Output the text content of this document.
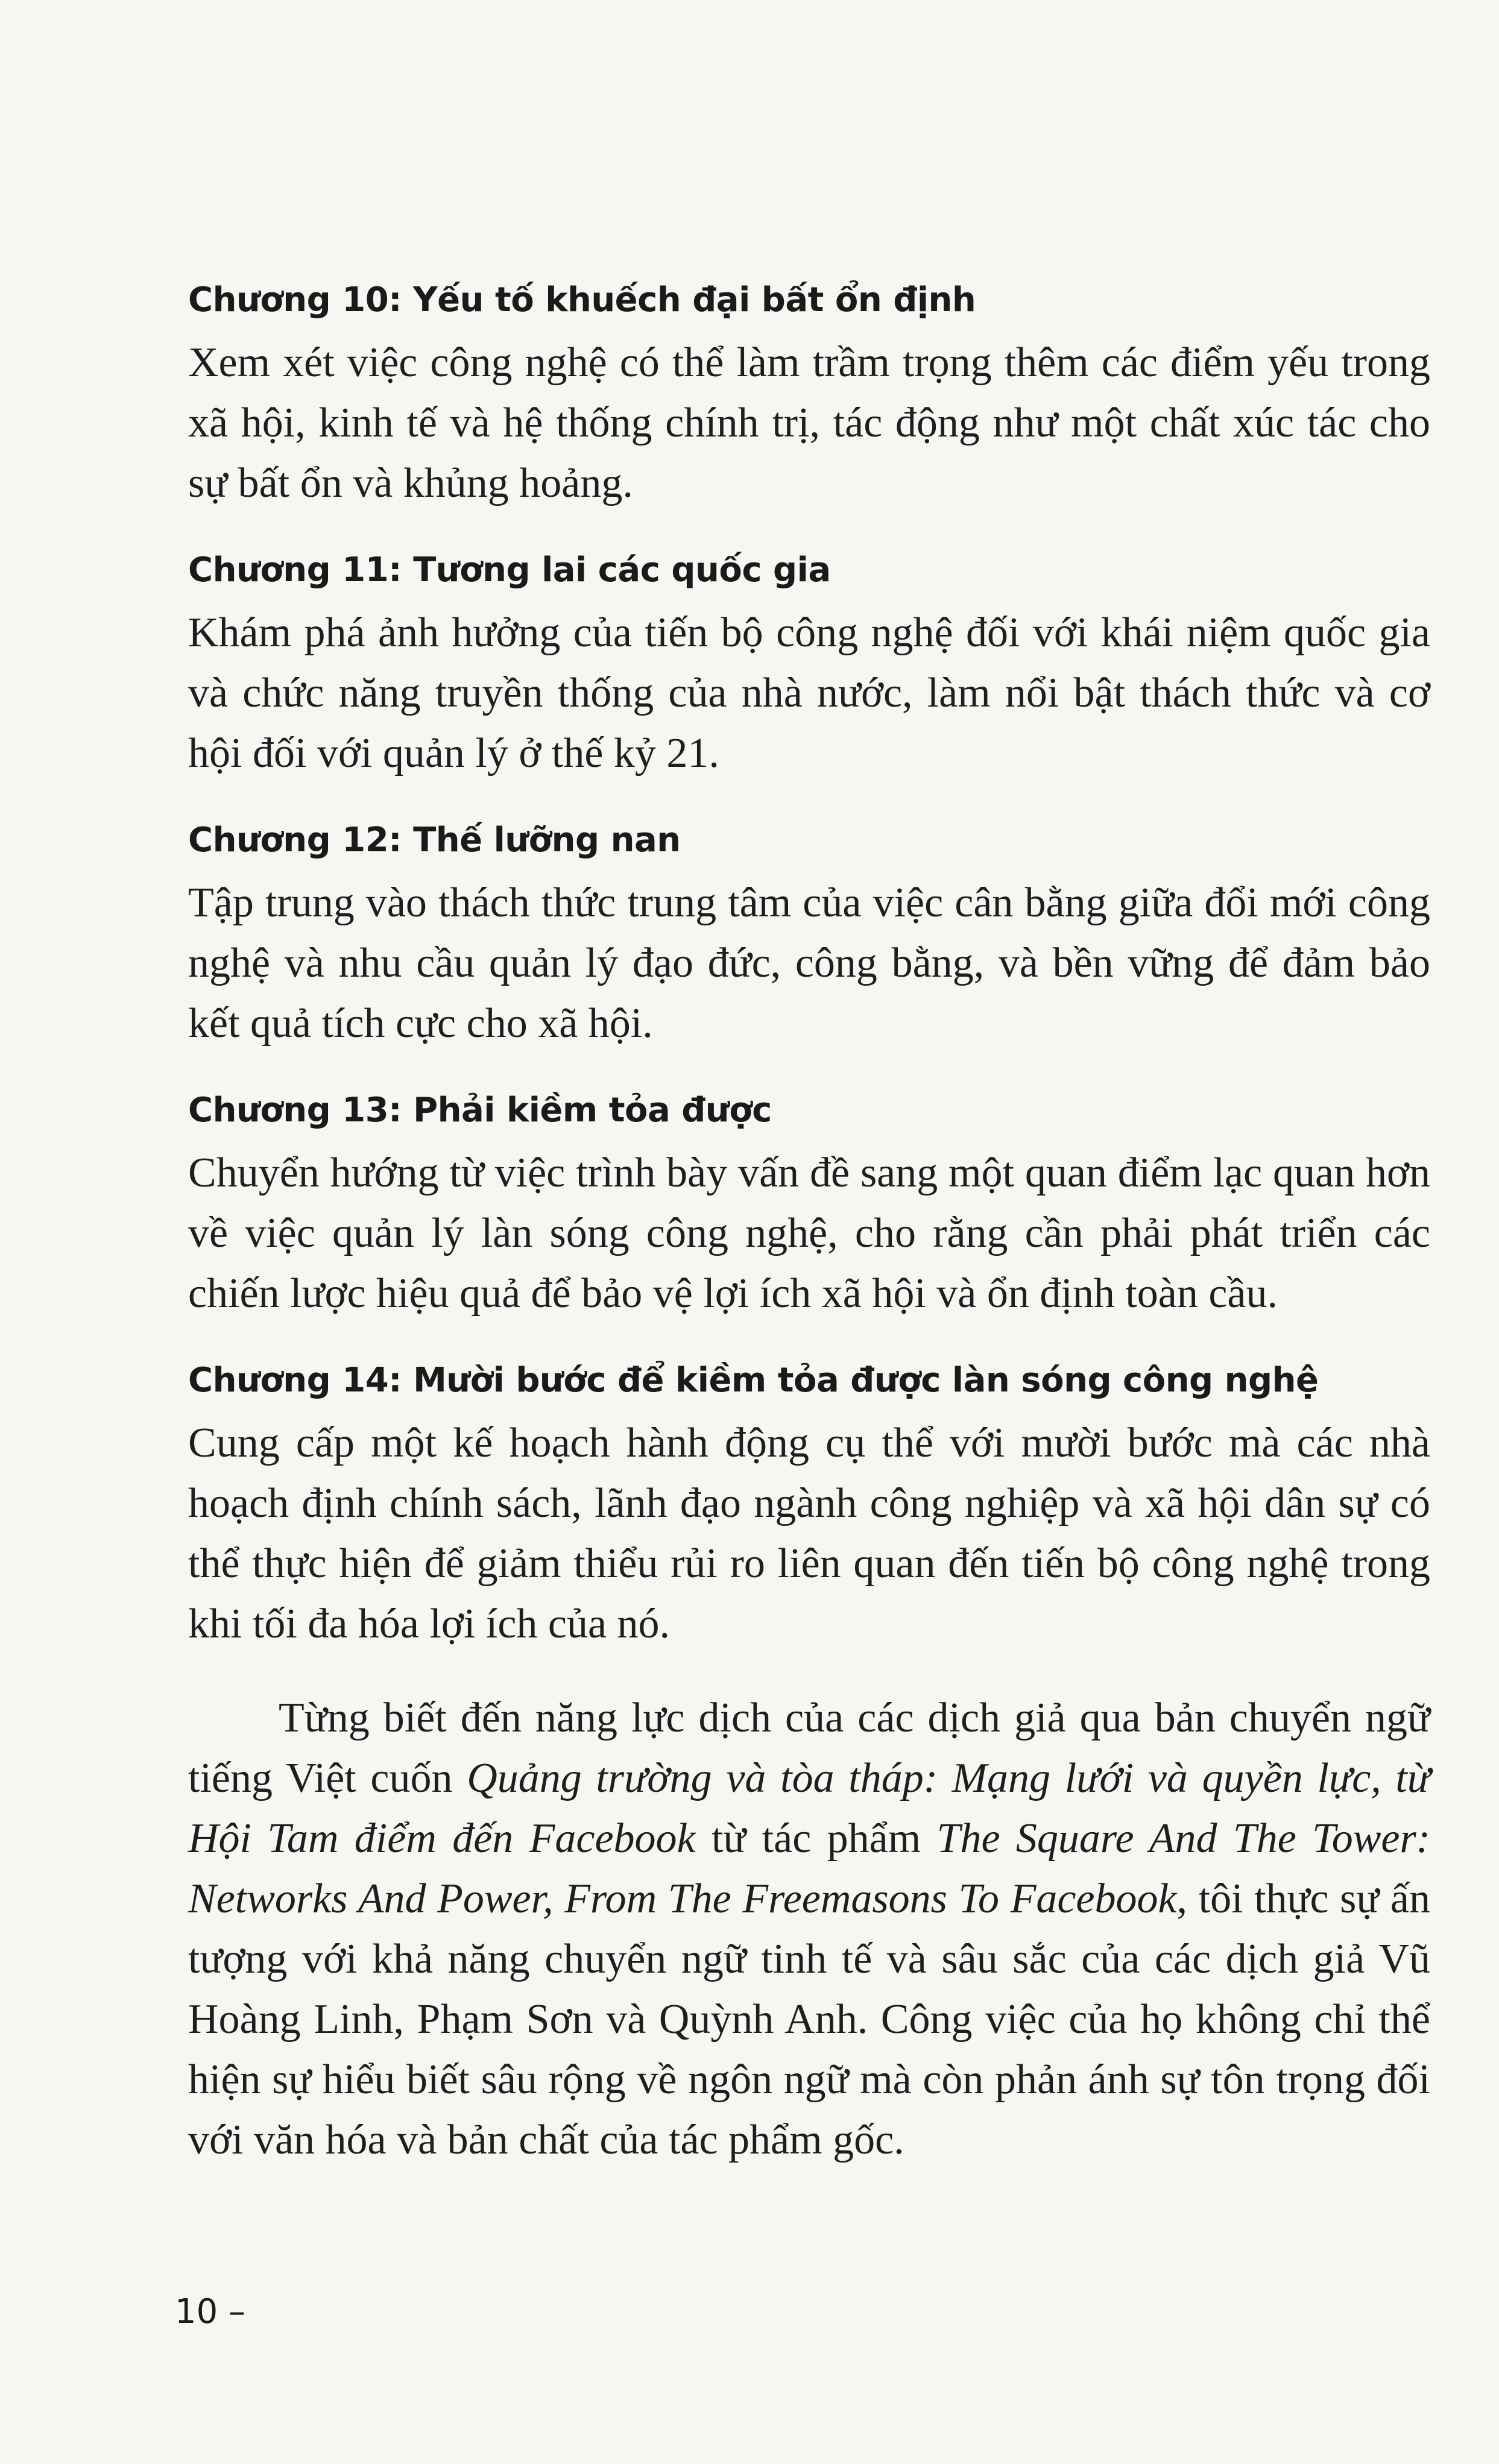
Chương 10: Yếu tố khuếch đại bất ổn định

Xem xét việc công nghệ có thể làm trầm trọng thêm các điểm yếu trong xã hội, kinh tế và hệ thống chính trị, tác động như một chất xúc tác cho sự bất ổn và khủng hoảng.

Chương 11: Tương lai các quốc gia

Khám phá ảnh hưởng của tiến bộ công nghệ đối với khái niệm quốc gia và chức năng truyền thống của nhà nước, làm nổi bật thách thức và cơ hội đối với quản lý ở thế kỷ 21.

Chương 12: Thế lưỡng nan

Tập trung vào thách thức trung tâm của việc cân bằng giữa đổi mới công nghệ và nhu cầu quản lý đạo đức, công bằng, và bền vững để đảm bảo kết quả tích cực cho xã hội.

Chương 13: Phải kiềm tỏa được

Chuyển hướng từ việc trình bày vấn đề sang một quan điểm lạc quan hơn về việc quản lý làn sóng công nghệ, cho rằng cần phải phát triển các chiến lược hiệu quả để bảo vệ lợi ích xã hội và ổn định toàn cầu.

Chương 14: Mười bước để kiềm tỏa được làn sóng công nghệ

Cung cấp một kế hoạch hành động cụ thể với mười bước mà các nhà hoạch định chính sách, lãnh đạo ngành công nghiệp và xã hội dân sự có thể thực hiện để giảm thiểu rủi ro liên quan đến tiến bộ công nghệ trong khi tối đa hóa lợi ích của nó.

Từng biết đến năng lực dịch của các dịch giả qua bản chuyển ngữ tiếng Việt cuốn Quảng trường và tòa tháp: Mạng lưới và quyền lực, từ Hội Tam điểm đến Facebook từ tác phẩm The Square And The Tower: Networks And Power, From The Freemasons To Facebook, tôi thực sự ấn tượng với khả năng chuyển ngữ tinh tế và sâu sắc của các dịch giả Vũ Hoàng Linh, Phạm Sơn và Quỳnh Anh. Công việc của họ không chỉ thể hiện sự hiểu biết sâu rộng về ngôn ngữ mà còn phản ánh sự tôn trọng đối với văn hóa và bản chất của tác phẩm gốc.

10 –
